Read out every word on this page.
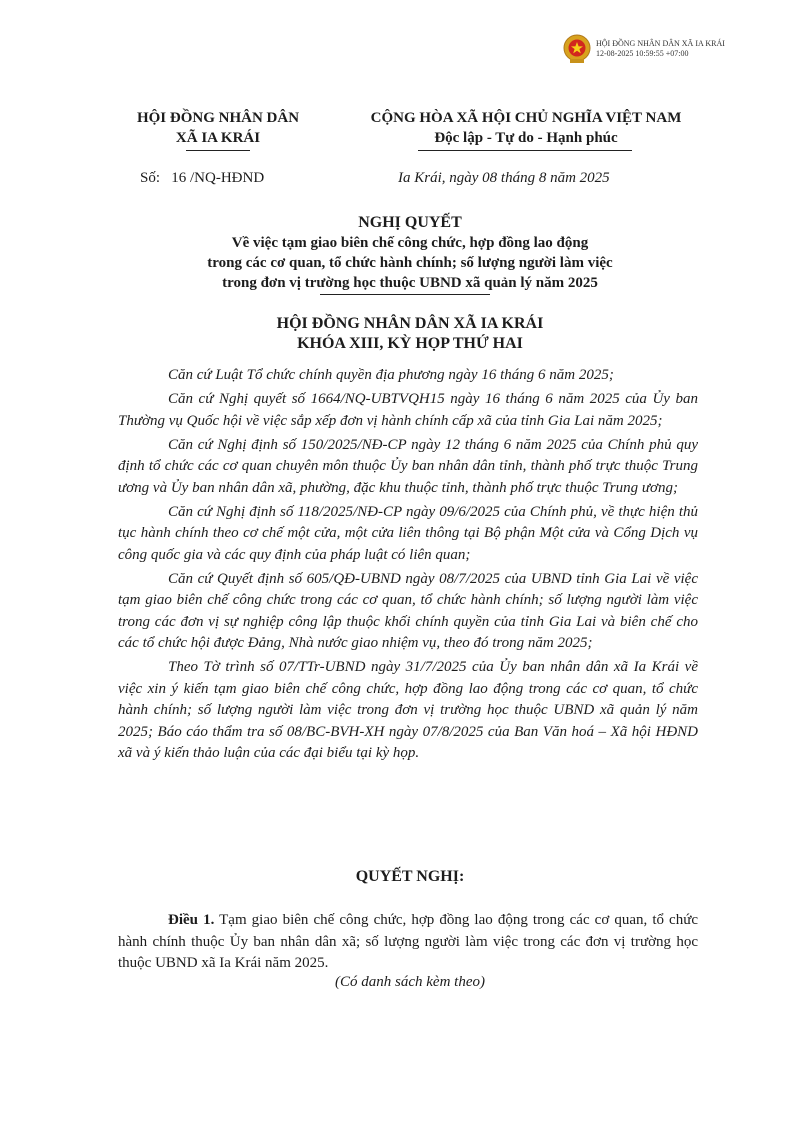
HỘI ĐỒNG NHÂN DÂN XÃ IA KRÁI
12-08-2025 10:59:55 +07:00
HỘI ĐỒNG NHÂN DÂN
XÃ IA KRÁI
CỘNG HÒA XÃ HỘI CHỦ NGHĨA VIỆT NAM
Độc lập - Tự do - Hạnh phúc
Số: 16 /NQ-HĐND	Ia Krái, ngày 08 tháng 8 năm 2025
NGHỊ QUYẾT
Về việc tạm giao biên chế công chức, hợp đồng lao động
trong các cơ quan, tổ chức hành chính; số lượng người làm việc
trong đơn vị trường học thuộc UBND xã quản lý năm 2025
HỘI ĐỒNG NHÂN DÂN XÃ IA KRÁI
KHÓA XIII, KỲ HỌP THỨ HAI

Căn cứ Luật Tổ chức chính quyền địa phương ngày 16 tháng 6 năm 2025;

Căn cứ Nghị quyết số 1664/NQ-UBTVQH15 ngày 16 tháng 6 năm 2025 của Ủy ban Thường vụ Quốc hội về việc sắp xếp đơn vị hành chính cấp xã của tỉnh Gia Lai năm 2025;

Căn cứ Nghị định số 150/2025/NĐ-CP ngày 12 tháng 6 năm 2025 của Chính phủ quy định tổ chức các cơ quan chuyên môn thuộc Ủy ban nhân dân tỉnh, thành phố trực thuộc Trung ương và Ủy ban nhân dân xã, phường, đặc khu thuộc tỉnh, thành phố trực thuộc Trung ương;

Căn cứ Nghị định số 118/2025/NĐ-CP ngày 09/6/2025 của Chính phủ, về thực hiện thủ tục hành chính theo cơ chế một cửa, một cửa liên thông tại Bộ phận Một cửa và Cổng Dịch vụ công quốc gia và các quy định của pháp luật có liên quan;

Căn cứ Quyết định số 605/QĐ-UBND ngày 08/7/2025 của UBND tỉnh Gia Lai về việc tạm giao biên chế công chức trong các cơ quan, tổ chức hành chính; số lượng người làm việc trong các đơn vị sự nghiệp công lập thuộc khối chính quyền của tỉnh Gia Lai và biên chế cho các tổ chức hội được Đảng, Nhà nước giao nhiệm vụ, theo đó trong năm 2025;

Theo Tờ trình số 07/TTr-UBND ngày 31/7/2025 của Ủy ban nhân dân xã Ia Krái về việc xin ý kiến tạm giao biên chế công chức, hợp đồng lao động trong các cơ quan, tổ chức hành chính; số lượng người làm việc trong đơn vị trường học thuộc UBND xã quản lý năm 2025; Báo cáo thẩm tra số 08/BC-BVH-XH ngày 07/8/2025 của Ban Văn hoá – Xã hội HĐND xã và ý kiến thảo luận của các đại biểu tại kỳ họp.

QUYẾT NGHỊ:
Điều 1. Tạm giao biên chế công chức, hợp đồng lao động trong các cơ quan, tổ chức hành chính thuộc Ủy ban nhân dân xã; số lượng người làm việc trong các đơn vị trường học thuộc UBND xã Ia Krái năm 2025.
(Có danh sách kèm theo)
